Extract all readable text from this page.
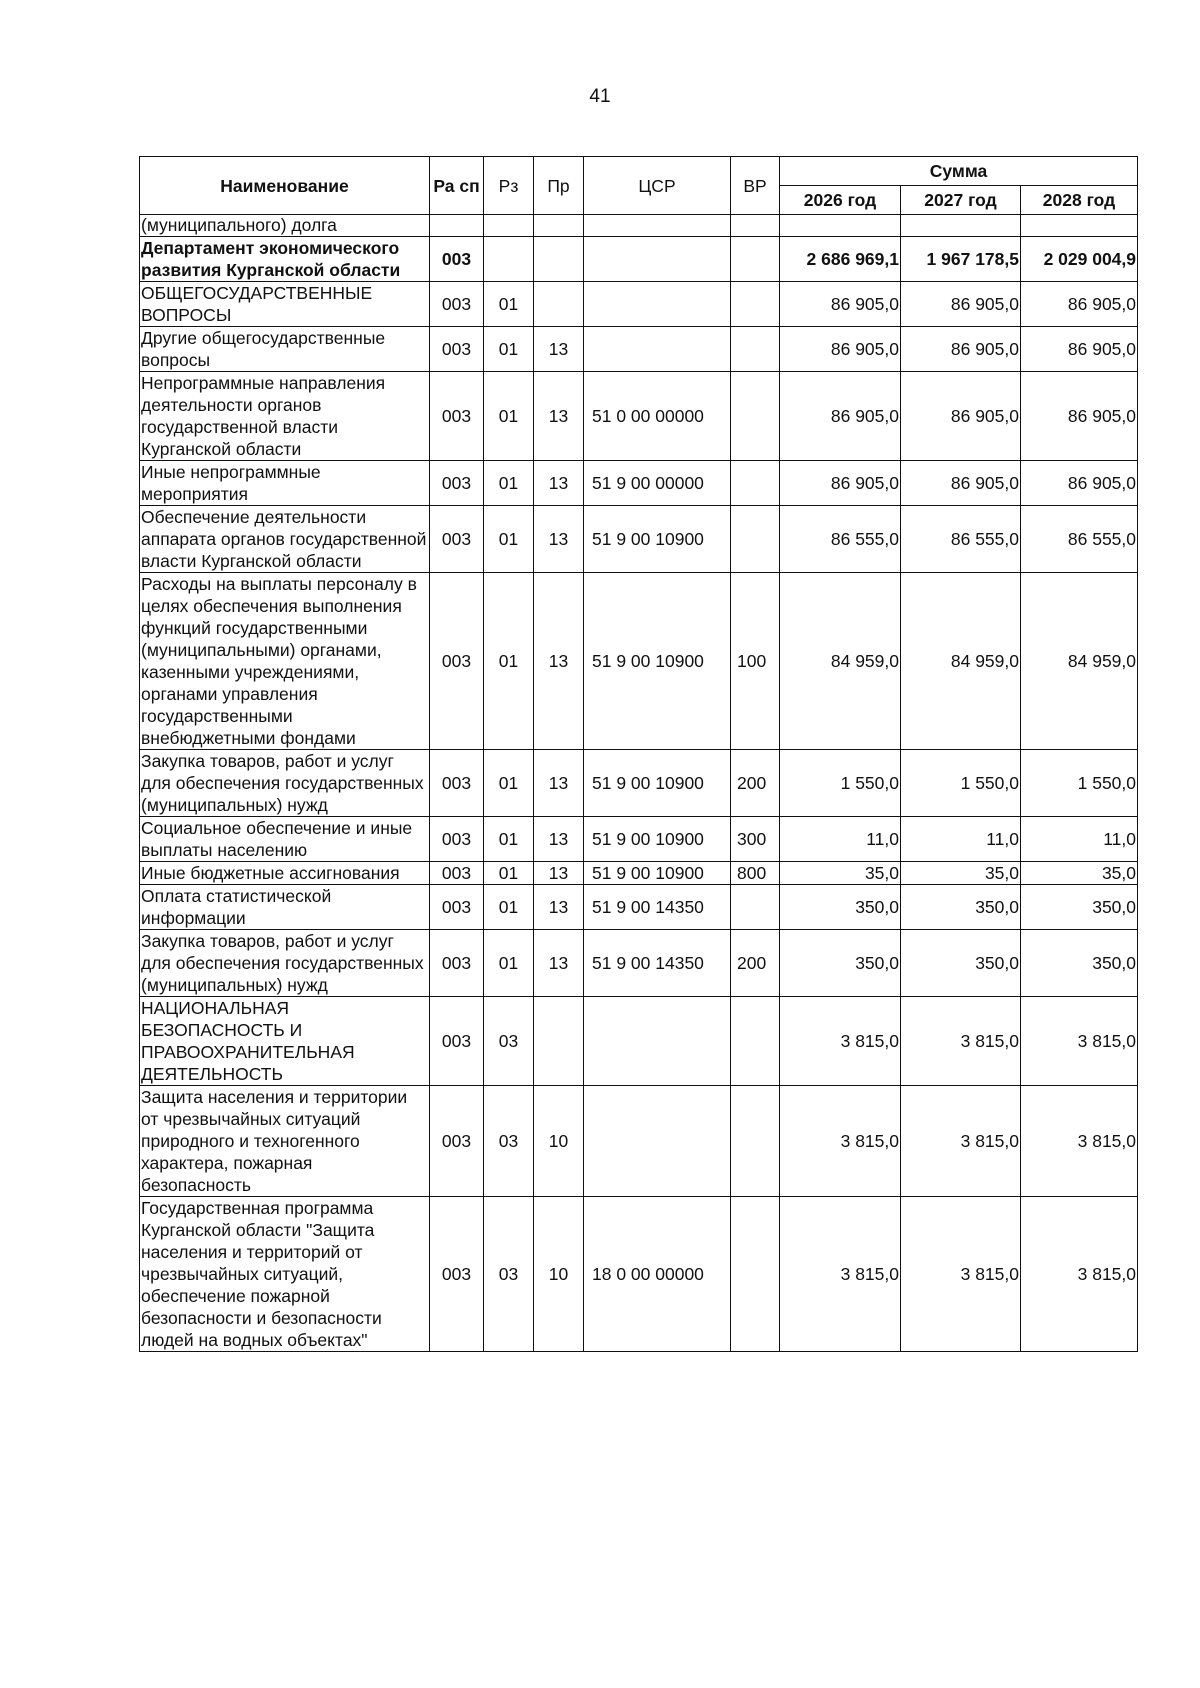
41
Наименование	Ра сп	Рз	Пр	ЦСР	ВР	Сумма		
						2026 год	2027 год	2028 год
(муниципального) долга								
Департамент экономического развития Курганской области	003					2 686 969,1	1 967 178,5	2 029 004,9
ОБЩЕГОСУДАРСТВЕННЫЕ ВОПРОСЫ	003	01				86 905,0	86 905,0	86 905,0
Другие общегосударственные вопросы	003	01	13			86 905,0	86 905,0	86 905,0
Непрограммные направления деятельности органов государственной власти Курганской области	003	01	13	51 0 00 00000		86 905,0	86 905,0	86 905,0
Иные непрограммные мероприятия	003	01	13	51 9 00 00000		86 905,0	86 905,0	86 905,0
Обеспечение деятельности аппарата органов государственной власти Курганской области	003	01	13	51 9 00 10900		86 555,0	86 555,0	86 555,0
Расходы на выплаты персоналу в целях обеспечения выполнения функций государственными (муниципальными) органами, казенными учреждениями, органами управления государственными внебюджетными фондами	003	01	13	51 9 00 10900	100	84 959,0	84 959,0	84 959,0
Закупка товаров, работ и услуг для обеспечения государственных (муниципальных) нужд	003	01	13	51 9 00 10900	200	1 550,0	1 550,0	1 550,0
Социальное обеспечение и иные выплаты населению	003	01	13	51 9 00 10900	300	11,0	11,0	11,0
Иные бюджетные ассигнования	003	01	13	51 9 00 10900	800	35,0	35,0	35,0
Оплата статистической информации	003	01	13	51 9 00 14350		350,0	350,0	350,0
Закупка товаров, работ и услуг для обеспечения государственных (муниципальных) нужд	003	01	13	51 9 00 14350	200	350,0	350,0	350,0
НАЦИОНАЛЬНАЯ БЕЗОПАСНОСТЬ И ПРАВООХРАНИТЕЛЬНАЯ ДЕЯТЕЛЬНОСТЬ	003	03				3 815,0	3 815,0	3 815,0
Защита населения и территории от чрезвычайных ситуаций природного и техногенного характера, пожарная безопасность	003	03	10			3 815,0	3 815,0	3 815,0
Государственная программа Курганской области "Защита населения и территорий от чрезвычайных ситуаций, обеспечение пожарной безопасности и безопасности людей на водных объектах"	003	03	10	18 0 00 00000		3 815,0	3 815,0	3 815,0
